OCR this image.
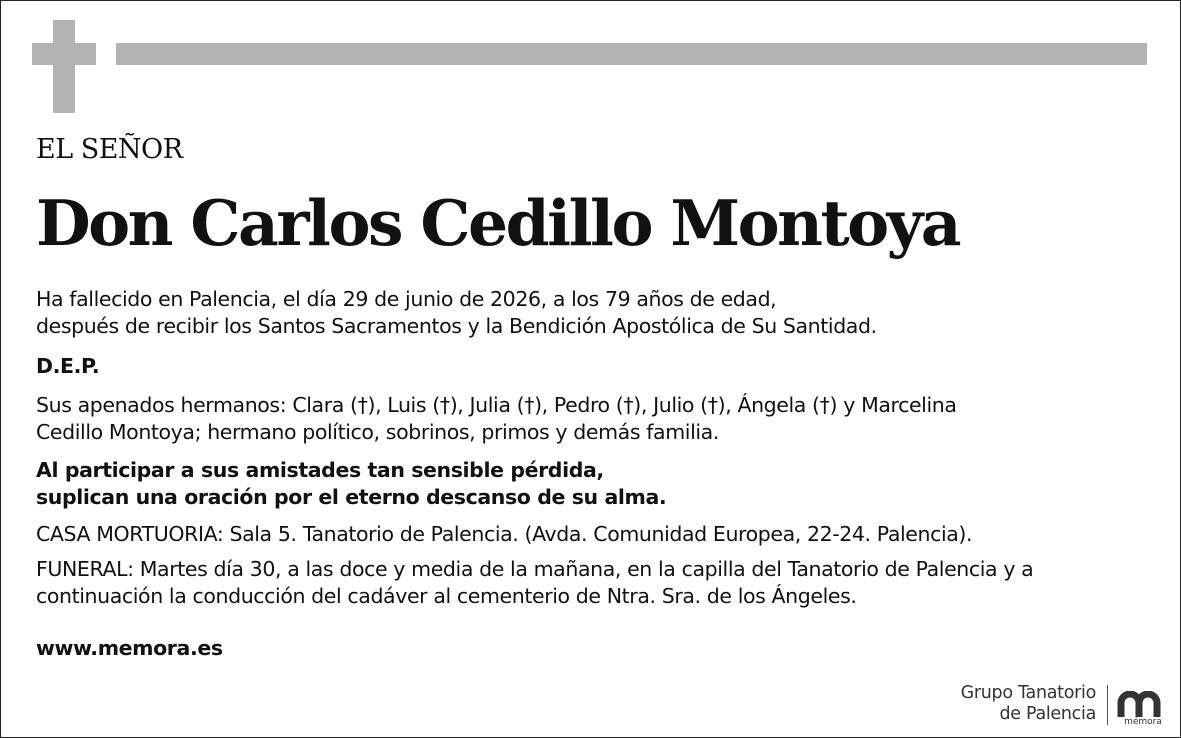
EL SEÑOR
Don Carlos Cedillo Montoya
Ha fallecido en Palencia, el día 29 de junio de 2026, a los 79 años de edad,
después de recibir los Santos Sacramentos y la Bendición Apostólica de Su Santidad.
D.E.P.
Sus apenados hermanos: Clara (†), Luis (†), Julia (†), Pedro (†), Julio (†), Ángela (†) y Marcelina
Cedillo Montoya; hermano político, sobrinos, primos y demás familia.
Al participar a sus amistades tan sensible pérdida,
suplican una oración por el eterno descanso de su alma.
CASA MORTUORIA: Sala 5. Tanatorio de Palencia. (Avda. Comunidad Europea, 22-24. Palencia).
FUNERAL: Martes día 30, a las doce y media de la mañana, en la capilla del Tanatorio de Palencia y a
continuación la conducción del cadáver al cementerio de Ntra. Sra. de los Ángeles.
www.memora.es
Grupo Tanatorio
de Palencia	mémora
